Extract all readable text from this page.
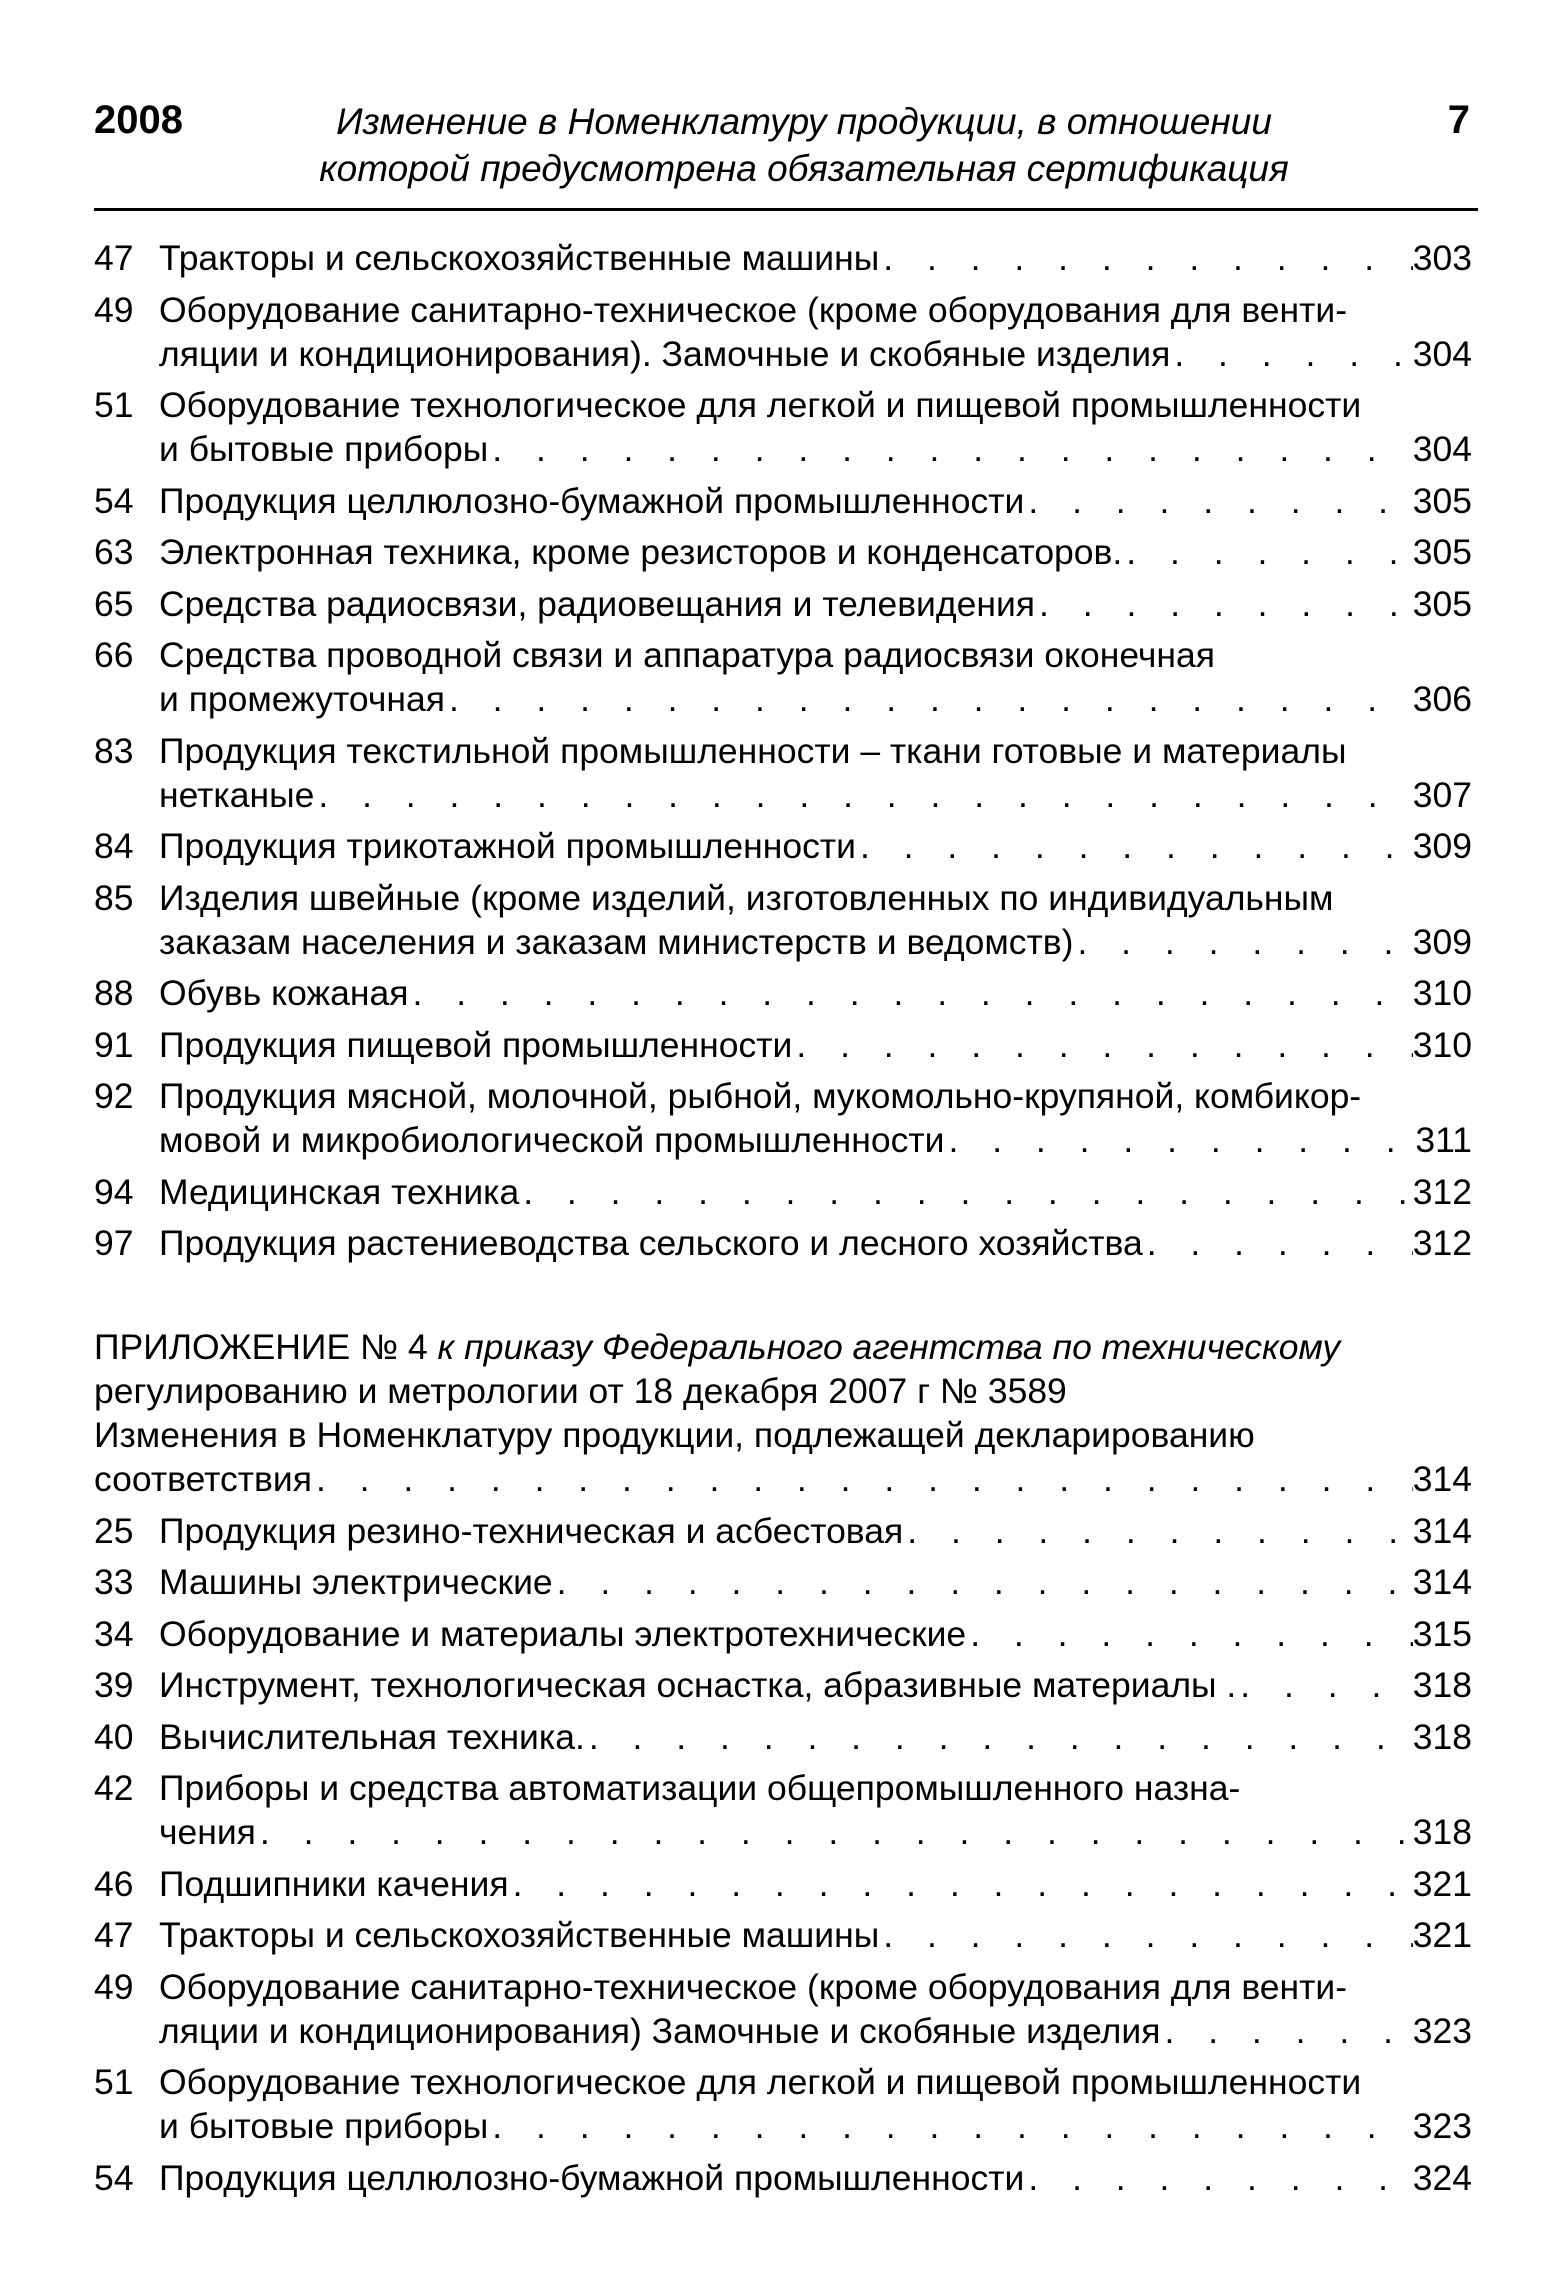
2008	Изменение в Номенклатуру продукции, в отношении
которой предусмотрена обязательная сертификация
7
47 Тракторы и сельскохозяйственные машины . . .	303
49 Оборудование санитарно-техническое (кроме оборудования для венти-
ляции и кондиционирования). Замочные и скобяные изделия . . .	304
51 Оборудование технологическое для легкой и пищевой промышленности
и бытовые приборы . . .	304
54 Продукция целлюлозно-бумажной промышленности . . .	305
63 Электронная техника, кроме резисторов и конденсаторов. . . .	305
65 Средства радиосвязи, радиовещания и телевидения . . .	305
66 Средства проводной связи и аппаратура радиосвязи оконечная
и промежуточная . . .	306
83 Продукция текстильной промышленности – ткани готовые и материалы
нетканые . . .	307
84 Продукция трикотажной промышленности . . .	309
85 Изделия швейные (кроме изделий, изготовленных по индивидуальным
заказам населения и заказам министерств и ведомств) . . .	309
88 Обувь кожаная . . .	310
91 Продукция пищевой промышленности . . .	310
92 Продукция мясной, молочной, рыбной, мукомольно-крупяной, комбикор-
мовой и микробиологической промышленности . . .	311
94 Медицинская техника . . .	312
97 Продукция растениеводства сельского и лесного хозяйства . . .	312
ПРИЛОЖЕНИЕ № 4 к приказу Федерального агентства по техническому
регулированию и метрологии от 18 декабря 2007 г № 3589
Изменения в Номенклатуру продукции, подлежащей декларированию
соответствия . . .	314
25 Продукция резино-техническая и асбестовая . . .	314
33 Машины электрические . . .	314
34 Оборудование и материалы электротехнические . . .	315
39 Инструмент, технологическая оснастка, абразивные материалы . . . .	318
40 Вычислительная техника. . . .	318
42 Приборы и средства автоматизации общепромышленного назна-
чения . . .	318
46 Подшипники качения . . .	321
47 Тракторы и сельскохозяйственные машины . . .	321
49 Оборудование санитарно-техническое (кроме оборудования для венти-
ляции и кондиционирования) Замочные и скобяные изделия . . .	323
51 Оборудование технологическое для легкой и пищевой промышленности
и бытовые приборы . . .	323
54 Продукция целлюлозно-бумажной промышленности . . .	324
